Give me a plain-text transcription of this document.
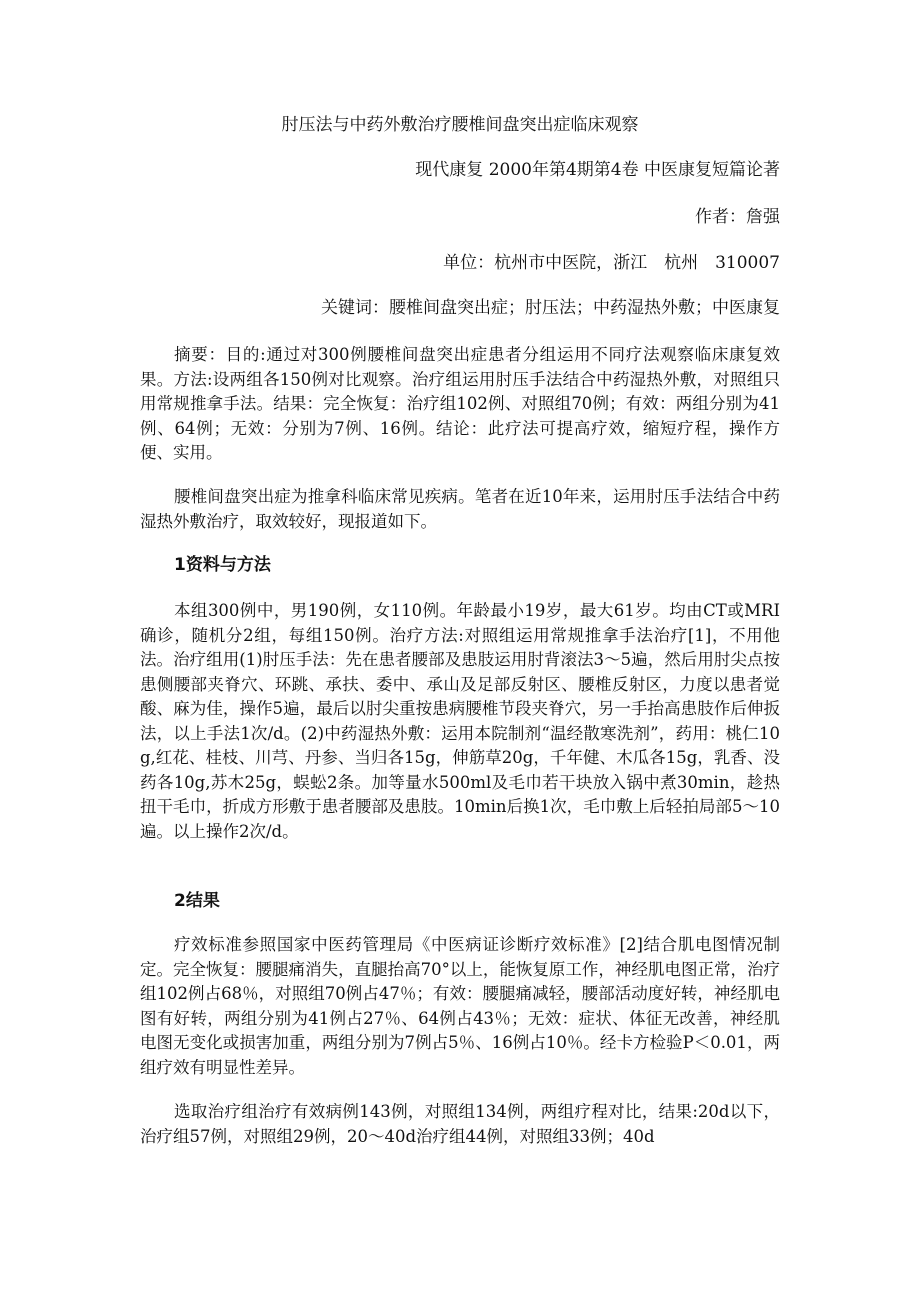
肘压法与中药外敷治疗腰椎间盘突出症临床观察
现代康复 2000年第4期第4卷 中医康复短篇论著
作者：詹强
单位：杭州市中医院，浙江　杭州　310007
关键词：腰椎间盘突出症；肘压法；中药湿热外敷；中医康复
摘要：目的:通过对300例腰椎间盘突出症患者分组运用不同疗法观察临床康复效果。方法:设两组各150例对比观察。治疗组运用肘压手法结合中药湿热外敷，对照组只用常规推拿手法。结果：完全恢复：治疗组102例、对照组70例；有效：两组分别为41例、64例；无效：分别为7例、16例。结论：此疗法可提高疗效，缩短疗程，操作方便、实用。
腰椎间盘突出症为推拿科临床常见疾病。笔者在近10年来，运用肘压手法结合中药湿热外敷治疗，取效较好，现报道如下。
1资料与方法
本组300例中，男190例，女110例。年龄最小19岁，最大61岁。均由CT或MRI确诊，随机分2组，每组150例。治疗方法:对照组运用常规推拿手法治疗[1]，不用他法。治疗组用(1)肘压手法：先在患者腰部及患肢运用肘背滚法3～5遍，然后用肘尖点按患侧腰部夹脊穴、环跳、承扶、委中、承山及足部反射区、腰椎反射区，力度以患者觉酸、麻为佳，操作5遍，最后以肘尖重按患病腰椎节段夹脊穴，另一手抬高患肢作后伸扳法，以上手法1次/d。(2)中药湿热外敷：运用本院制剂“温经散寒洗剂”，药用：桃仁10g,红花、桂枝、川芎、丹参、当归各15g，伸筋草20g，千年健、木瓜各15g，乳香、没药各10g,苏木25g，蜈蚣2条。加等量水500ml及毛巾若干块放入锅中煮30min，趁热扭干毛巾，折成方形敷于患者腰部及患肢。10min后换1次，毛巾敷上后轻拍局部5～10遍。以上操作2次/d。
2结果
疗效标准参照国家中医药管理局《中医病证诊断疗效标准》[2]结合肌电图情况制定。完全恢复：腰腿痛消失，直腿抬高70°以上，能恢复原工作，神经肌电图正常，治疗组102例占68％，对照组70例占47％；有效：腰腿痛减轻，腰部活动度好转，神经肌电图有好转，两组分别为41例占27％、64例占43％；无效：症状、体征无改善，神经肌电图无变化或损害加重，两组分别为7例占5％、16例占10％。经卡方检验P＜0.01，两组疗效有明显性差异。
选取治疗组治疗有效病例143例，对照组134例，两组疗程对比，结果:20d以下，治疗组57例，对照组29例，20～40d治疗组44例，对照组33例；40d
